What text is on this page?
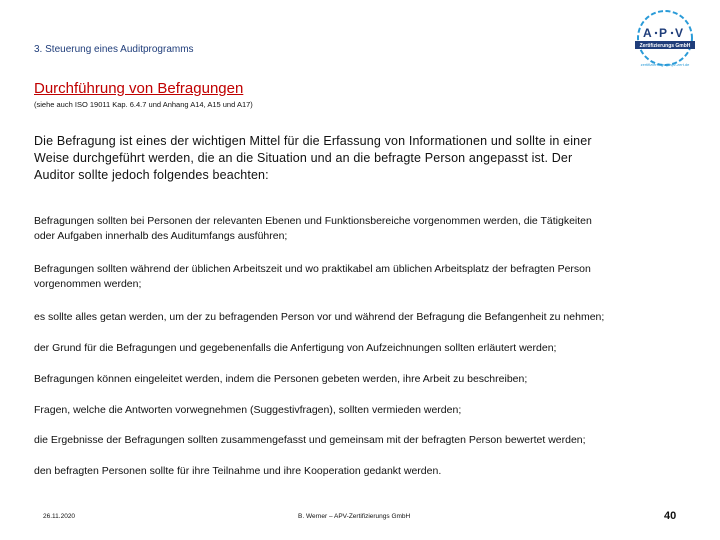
3. Steuerung eines Auditprogramms
A P V
Zertifizierungs GmbH
zertifizierungs@apv-zert.de
Durchführung von Befragungen
(siehe auch ISO 19011 Kap. 6.4.7 und Anhang A14, A15 und A17)
Die Befragung ist eines der wichtigen Mittel für die Erfassung von Informationen und sollte in einer
Weise durchgeführt werden, die an die Situation und an die befragte Person angepasst ist. Der
Auditor sollte jedoch folgendes beachten:
Befragungen sollten bei Personen der relevanten Ebenen und Funktionsbereiche vorgenommen werden, die Tätigkeiten
oder Aufgaben innerhalb des Auditumfangs ausführen;
Befragungen sollten während der üblichen Arbeitszeit und wo praktikabel am üblichen Arbeitsplatz der befragten Person
vorgenommen werden;
es sollte alles getan werden, um der zu befragenden Person vor und während der Befragung die Befangenheit zu nehmen;
der Grund für die Befragungen und gegebenenfalls die Anfertigung von Aufzeichnungen sollten erläutert werden;
Befragungen können eingeleitet werden, indem die Personen gebeten werden, ihre Arbeit zu beschreiben;
Fragen, welche die Antworten vorwegnehmen (Suggestivfragen), sollten vermieden werden;
die Ergebnisse der Befragungen sollten zusammengefasst und gemeinsam mit der befragten Person bewertet werden;
den befragten Personen sollte für ihre Teilnahme und ihre Kooperation gedankt werden.
26.11.2020	B. Werner – APV-Zertifizierungs GmbH	40
